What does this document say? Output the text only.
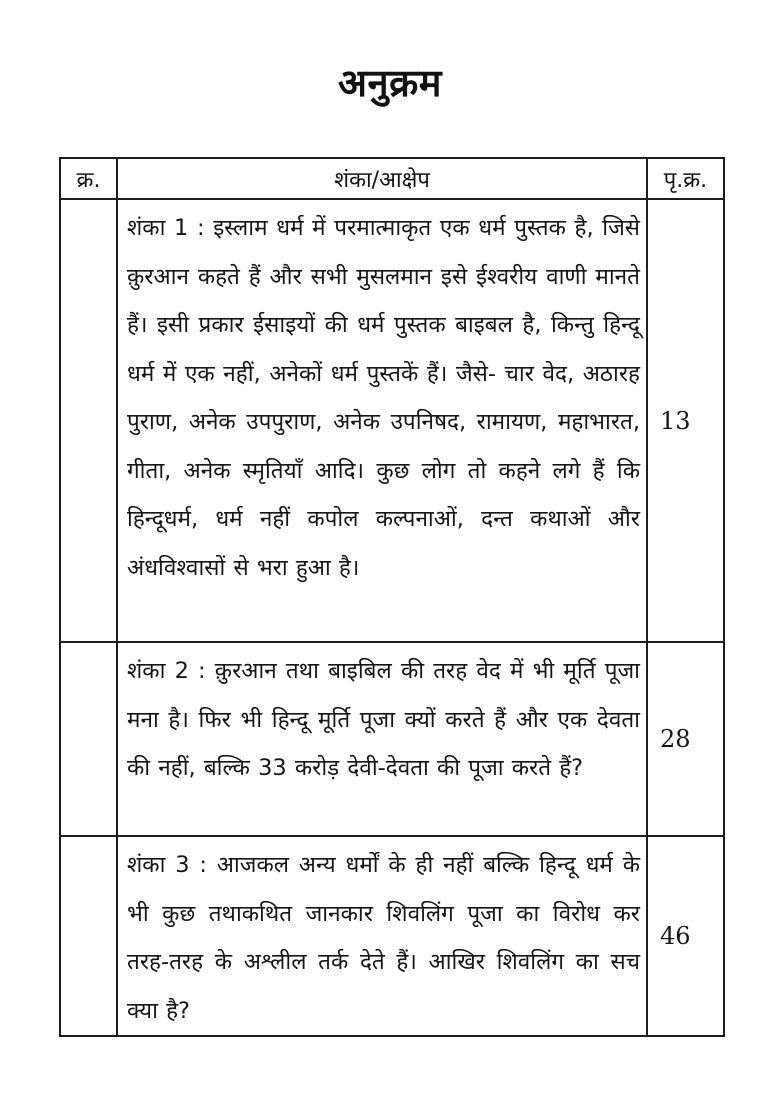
अनुक्रम
क्र.	शंका/आक्षेप	पृ.क्र.

	शंका 1 : इस्लाम धर्म में परमात्माकृत एक धर्म पुस्तक है, जिसे क़ुरआन कहते हैं और सभी मुसलमान इसे ईश्वरीय वाणी मानते हैं। इसी प्रकार ईसाइयों की धर्म पुस्तक बाइबल है, किन्तु हिन्दू धर्म में एक नहीं, अनेकों धर्म पुस्तकें हैं। जैसे- चार वेद, अठारह पुराण, अनेक उपपुराण, अनेक उपनिषद, रामायण, महाभारत, गीता, अनेक स्मृतियाँ आदि। कुछ लोग तो कहने लगे हैं कि हिन्दूधर्म, धर्म नहीं कपोल कल्पनाओं, दन्त कथाओं और अंधविश्वासों से भरा हुआ है।	13

	शंका 2 : क़ुरआन तथा बाइबिल की तरह वेद में भी मूर्ति पूजा मना है। फिर भी हिन्दू मूर्ति पूजा क्यों करते हैं और एक देवता की नहीं, बल्कि 33 करोड़ देवी-देवता की पूजा करते हैं?	28

	शंका 3 : आजकल अन्य धर्मों के ही नहीं बल्कि हिन्दू धर्म के भी कुछ तथाकथित जानकार शिवलिंग पूजा का विरोध कर तरह-तरह के अश्लील तर्क देते हैं। आखिर शिवलिंग का सच क्या है?	46
